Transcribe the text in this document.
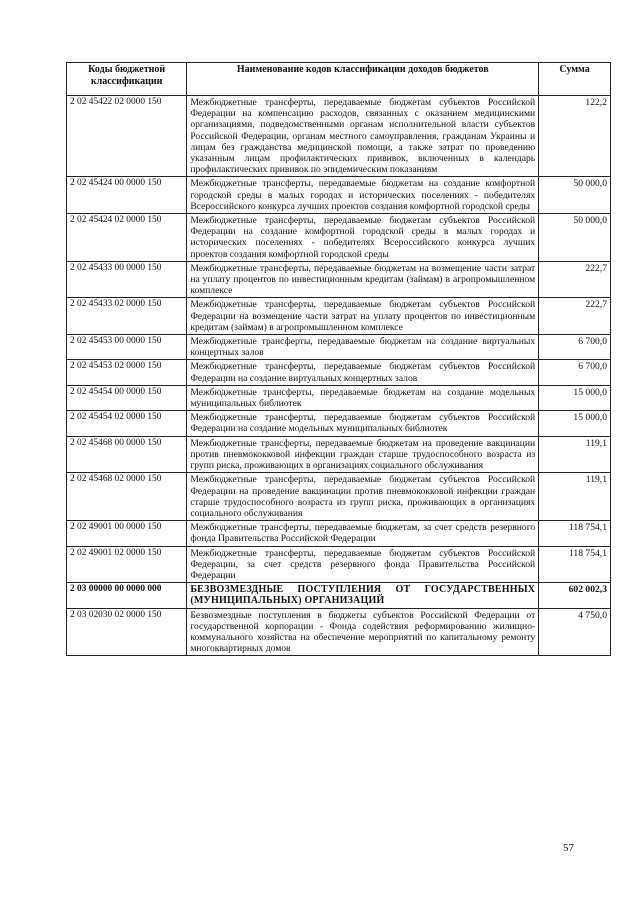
Коды бюджетной классификации	Наименование кодов классификации доходов бюджетов	Сумма
2 02 45422 02 0000 150	Межбюджетные трансферты, передаваемые бюджетам субъектов Российской Федерации на компенсацию расходов, связанных с оказанием медицинскими организациями, подведомственными органам исполнительной власти субъектов Российской Федерации, органам местного самоуправления, гражданам Украины и лицам без гражданства медицинской помощи, а также затрат по проведению указанным лицам профилактических прививок, включенных в календарь профилактических прививок по эпидемическим показаниям	122,2
2 02 45424 00 0000 150	Межбюджетные трансферты, передаваемые бюджетам на создание комфортной городской среды в малых городах и исторических поселениях - победителях Всероссийского конкурса лучших проектов создания комфортной городской среды	50 000,0
2 02 45424 02 0000 150	Межбюджетные трансферты, передаваемые бюджетам субъектов Российской Федерации на создание комфортной городской среды в малых городах и исторических поселениях - победителях Всероссийского конкурса лучших проектов создания комфортной городской среды	50 000,0
2 02 45433 00 0000 150	Межбюджетные трансферты, передаваемые бюджетам на возмещение части затрат на уплату процентов по инвестиционным кредитам (займам) в агропромышленном комплексе	222,7
2 02 45433 02 0000 150	Межбюджетные трансферты, передаваемые бюджетам субъектов Российской Федерации на возмещение части затрат на уплату процентов по инвестиционным кредитам (займам) в агропромышленном комплексе	222,7
2 02 45453 00 0000 150	Межбюджетные трансферты, передаваемые бюджетам на создание виртуальных концертных залов	6 700,0
2 02 45453 02 0000 150	Межбюджетные трансферты, передаваемые бюджетам субъектов Российской Федерации на создание виртуальных концертных залов	6 700,0
2 02 45454 00 0000 150	Межбюджетные трансферты, передаваемые бюджетам на создание модельных муниципальных библиотек	15 000,0
2 02 45454 02 0000 150	Межбюджетные трансферты, передаваемые бюджетам субъектов Российской Федерации на создание модельных муниципальных библиотек	15 000,0
2 02 45468 00 0000 150	Межбюджетные трансферты, передаваемые бюджетам на проведение вакцинации против пневмококковой инфекции граждан старше трудоспособного возраста из групп риска, проживающих в организациях социального обслуживания	119,1
2 02 45468 02 0000 150	Межбюджетные трансферты, передаваемые бюджетам субъектов Российской Федерации на проведение вакцинации против пневмококковой инфекции граждан старше трудоспособного возраста из групп риска, проживающих в организациях социального обслуживания	119,1
2 02 49001 00 0000 150	Межбюджетные трансферты, передаваемые бюджетам, за счет средств резервного фонда Правительства Российской Федерации	118 754,1
2 02 49001 02 0000 150	Межбюджетные трансферты, передаваемые бюджетам субъектов Российской Федерации, за счет средств резервного фонда Правительства Российской Федерации	118 754,1
2 03 00000 00 0000 000	БЕЗВОЗМЕЗДНЫЕ ПОСТУПЛЕНИЯ ОТ ГОСУДАРСТВЕННЫХ (МУНИЦИПАЛЬНЫХ) ОРГАНИЗАЦИЙ	602 002,3
2 03 02030 02 0000 150	Безвозмездные поступления в бюджеты субъектов Российской Федерации от государственной корпорации - Фонда содействия реформированию жилищно-коммунального хозяйства на обеспечение мероприятий по капитальному ремонту многоквартирных домов	4 750,0
57
